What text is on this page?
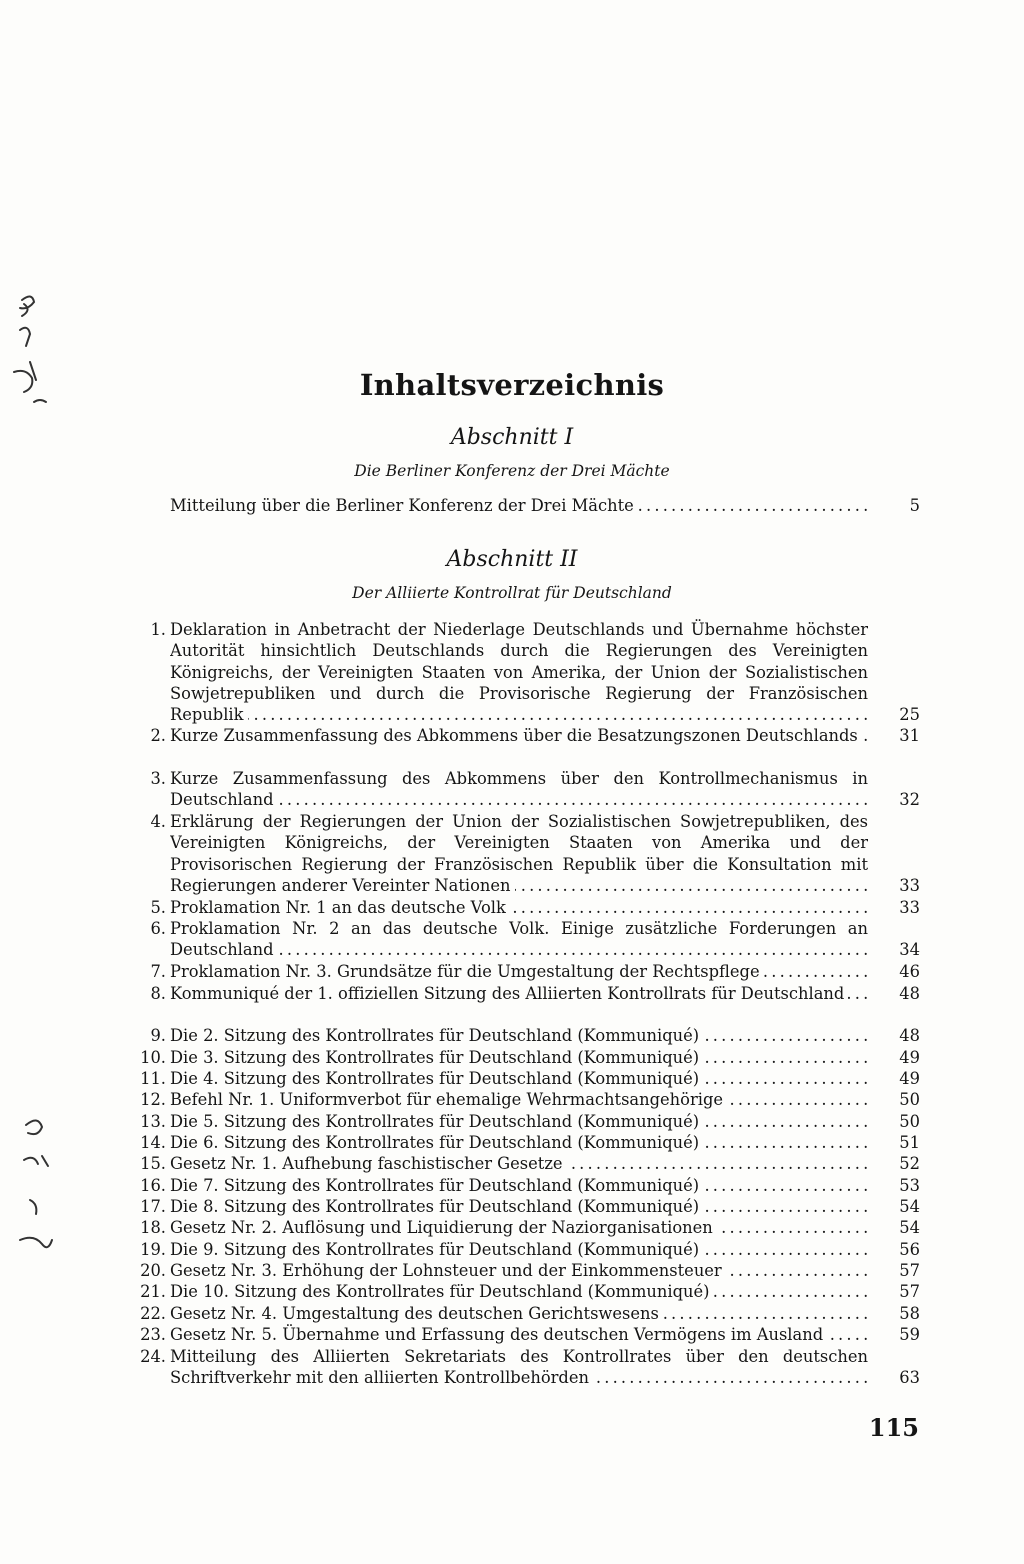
Inhaltsverzeichnis
Abschnitt I
Die Berliner Konferenz der Drei Mächte
Mitteilung über die Berliner Konferenz der Drei Mächte . . .	5
Abschnitt II
Der Alliierte Kontrollrat für Deutschland
1. Deklaration in Anbetracht der Niederlage Deutschlands und Übernahme höchster Autorität hinsichtlich Deutschlands durch die Regierungen des Vereinigten Königreichs, der Vereinigten Staaten von Amerika, der Union der Sozialistischen Sowjetrepubliken und durch die Provisorische Regierung der Französischen Republik . . .	25
2. Kurze Zusammenfassung des Abkommens über die Besatzungszonen Deutschlands . . .	31
3. Kurze Zusammenfassung des Abkommens über den Kontrollmechanismus in Deutschland . . .	32
4. Erklärung der Regierungen der Union der Sozialistischen Sowjetrepubliken, des Vereinigten Königreichs, der Vereinigten Staaten von Amerika und der Provisorischen Regierung der Französischen Republik über die Konsultation mit Regierungen anderer Vereinter Nationen . . .	33
5. Proklamation Nr. 1 an das deutsche Volk . . .	33
6. Proklamation Nr. 2 an das deutsche Volk. Einige zusätzliche Forderungen an Deutschland . . .	34
7. Proklamation Nr. 3. Grundsätze für die Umgestaltung der Rechtspflege . . .	46
8. Kommuniqué der 1. offiziellen Sitzung des Alliierten Kontrollrats für Deutschland . . .	48
9. Die 2. Sitzung des Kontrollrates für Deutschland (Kommuniqué) . . .	48
10. Die 3. Sitzung des Kontrollrates für Deutschland (Kommuniqué) . . .	49
11. Die 4. Sitzung des Kontrollrates für Deutschland (Kommuniqué) . . .	49
12. Befehl Nr. 1. Uniformverbot für ehemalige Wehrmachtsangehörige . . .	50
13. Die 5. Sitzung des Kontrollrates für Deutschland (Kommuniqué) . . .	50
14. Die 6. Sitzung des Kontrollrates für Deutschland (Kommuniqué) . . .	51
15. Gesetz Nr. 1. Aufhebung faschistischer Gesetze . . .	52
16. Die 7. Sitzung des Kontrollrates für Deutschland (Kommuniqué) . . .	53
17. Die 8. Sitzung des Kontrollrates für Deutschland (Kommuniqué) . . .	54
18. Gesetz Nr. 2. Auflösung und Liquidierung der Naziorganisationen . . .	54
19. Die 9. Sitzung des Kontrollrates für Deutschland (Kommuniqué) . . .	56
20. Gesetz Nr. 3. Erhöhung der Lohnsteuer und der Einkommensteuer . . .	57
21. Die 10. Sitzung des Kontrollrates für Deutschland (Kommuniqué) . . .	57
22. Gesetz Nr. 4. Umgestaltung des deutschen Gerichtswesens . . .	58
23. Gesetz Nr. 5. Übernahme und Erfassung des deutschen Vermögens im Ausland . . .	59
24. Mitteilung des Alliierten Sekretariats des Kontrollrates über den deutschen Schriftverkehr mit den alliierten Kontrollbehörden . . .	63
115
